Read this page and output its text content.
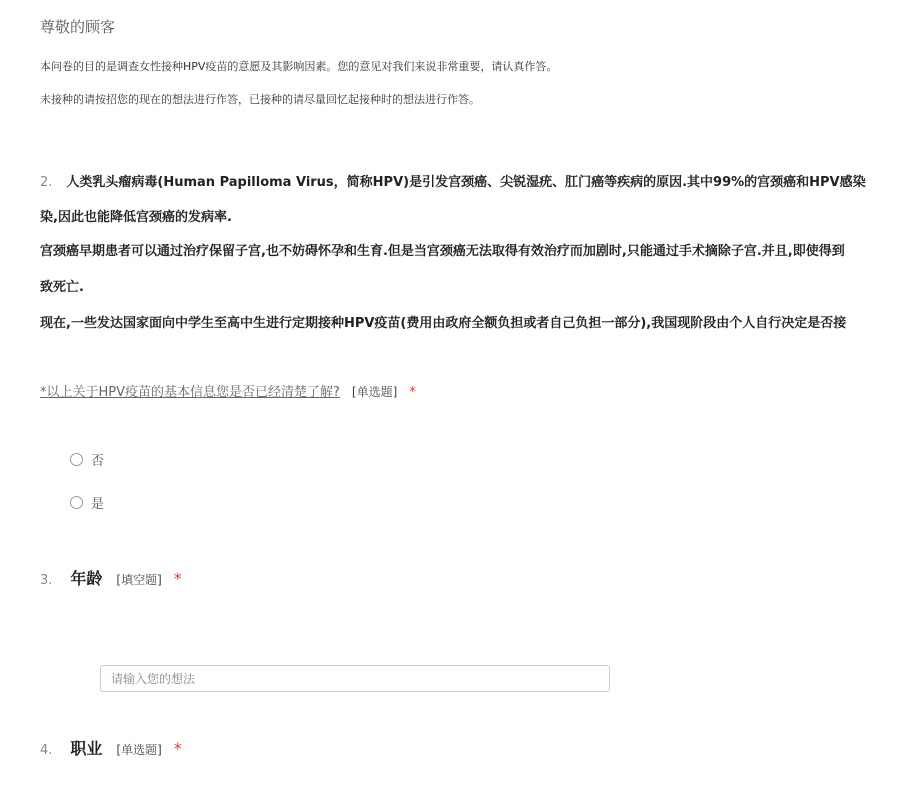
尊敬的顾客
本问卷的目的是调查女性接种HPV疫苗的意愿及其影响因素。您的意见对我们来说非常重要，请认真作答。
未接种的请按招您的现在的想法进行作答，已接种的请尽量回忆起接种时的想法进行作答。
2. 人类乳头瘤病毒(Human Papilloma Virus，简称HPV)是引发宫颈癌、尖锐湿疣、肛门癌等疾病的原因.其中99%的宫颈癌和HPV感染
染,因此也能降低宫颈癌的发病率.
宫颈癌早期患者可以通过治疗保留子宫,也不妨碍怀孕和生育.但是当宫颈癌无法取得有效治疗而加剧时,只能通过手术摘除子宫.并且,即使得到
致死亡.
现在,一些发达国家面向中学生至高中生进行定期接种HPV疫苗(费用由政府全额负担或者自己负担一部分),我国现阶段由个人自行决定是否接
*以上关于HPV疫苗的基本信息您是否已经清楚了解? [单选题] *
否
是
3. 年龄 [填空题] *
请输入您的想法
4. 职业 [单选题] *
